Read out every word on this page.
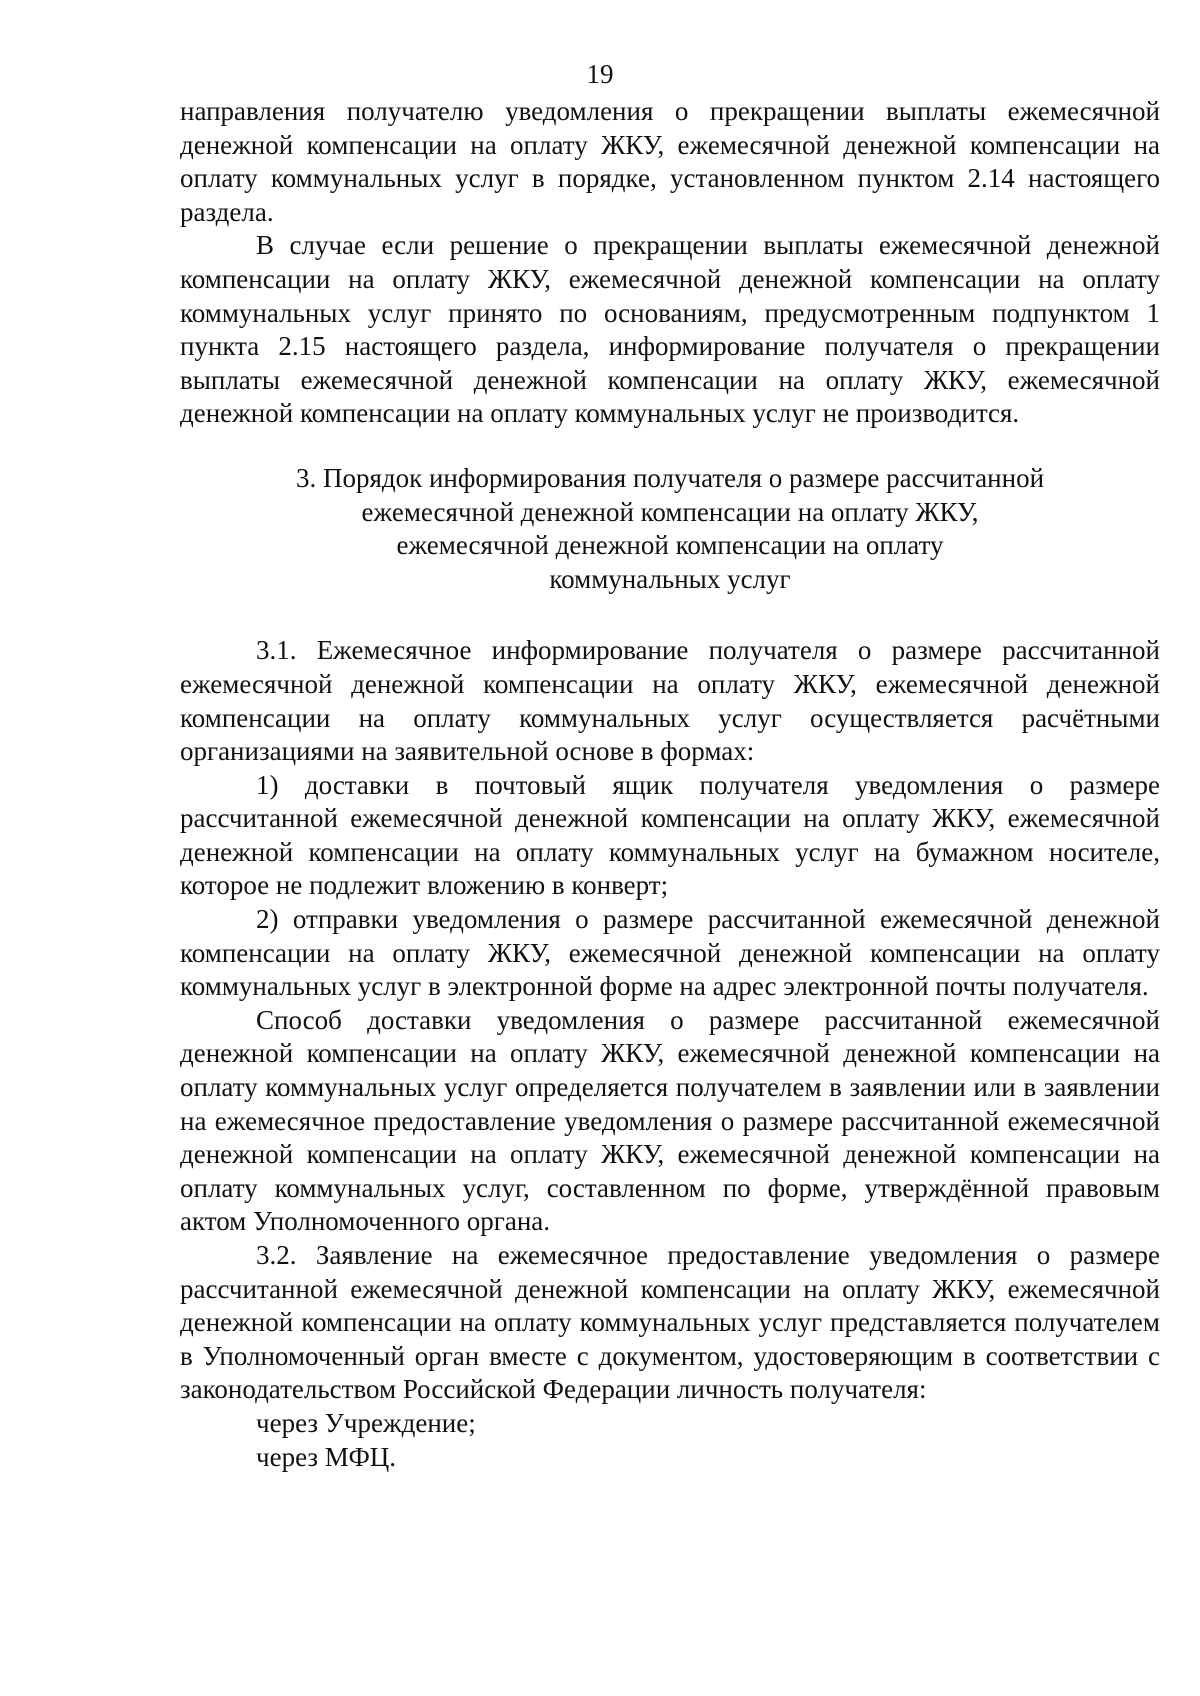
19

направления получателю уведомления о прекращении выплаты ежемесячной денежной компенсации на оплату ЖКУ, ежемесячной денежной компенсации на оплату коммунальных услуг в порядке, установленном пунктом 2.14 настоящего раздела.

В случае если решение о прекращении выплаты ежемесячной денежной компенсации на оплату ЖКУ, ежемесячной денежной компенсации на оплату коммунальных услуг принято по основаниям, предусмотренным подпунктом 1 пункта 2.15 настоящего раздела, информирование получателя о прекращении выплаты ежемесячной денежной компенсации на оплату ЖКУ, ежемесячной денежной компенсации на оплату коммунальных услуг не производится.

3. Порядок информирования получателя о размере рассчитанной
ежемесячной денежной компенсации на оплату ЖКУ,
ежемесячной денежной компенсации на оплату
коммунальных услуг

3.1. Ежемесячное информирование получателя о размере рассчитанной ежемесячной денежной компенсации на оплату ЖКУ, ежемесячной денежной компенсации на оплату коммунальных услуг осуществляется расчётными организациями на заявительной основе в формах:

1) доставки в почтовый ящик получателя уведомления о размере рассчитанной ежемесячной денежной компенсации на оплату ЖКУ, ежемесячной денежной компенсации на оплату коммунальных услуг на бумажном носителе, которое не подлежит вложению в конверт;

2) отправки уведомления о размере рассчитанной ежемесячной денежной компенсации на оплату ЖКУ, ежемесячной денежной компенсации на оплату коммунальных услуг в электронной форме на адрес электронной почты получателя.

Способ доставки уведомления о размере рассчитанной ежемесячной денежной компенсации на оплату ЖКУ, ежемесячной денежной компенсации на оплату коммунальных услуг определяется получателем в заявлении или в заявлении на ежемесячное предоставление уведомления о размере рассчитанной ежемесячной денежной компенсации на оплату ЖКУ, ежемесячной денежной компенсации на оплату коммунальных услуг, составленном по форме, утверждённой правовым актом Уполномоченного органа.

3.2. Заявление на ежемесячное предоставление уведомления о размере рассчитанной ежемесячной денежной компенсации на оплату ЖКУ, ежемесячной денежной компенсации на оплату коммунальных услуг представляется получателем в Уполномоченный орган вместе с документом, удостоверяющим в соответствии с законодательством Российской Федерации личность получателя:

через Учреждение;

через МФЦ.
